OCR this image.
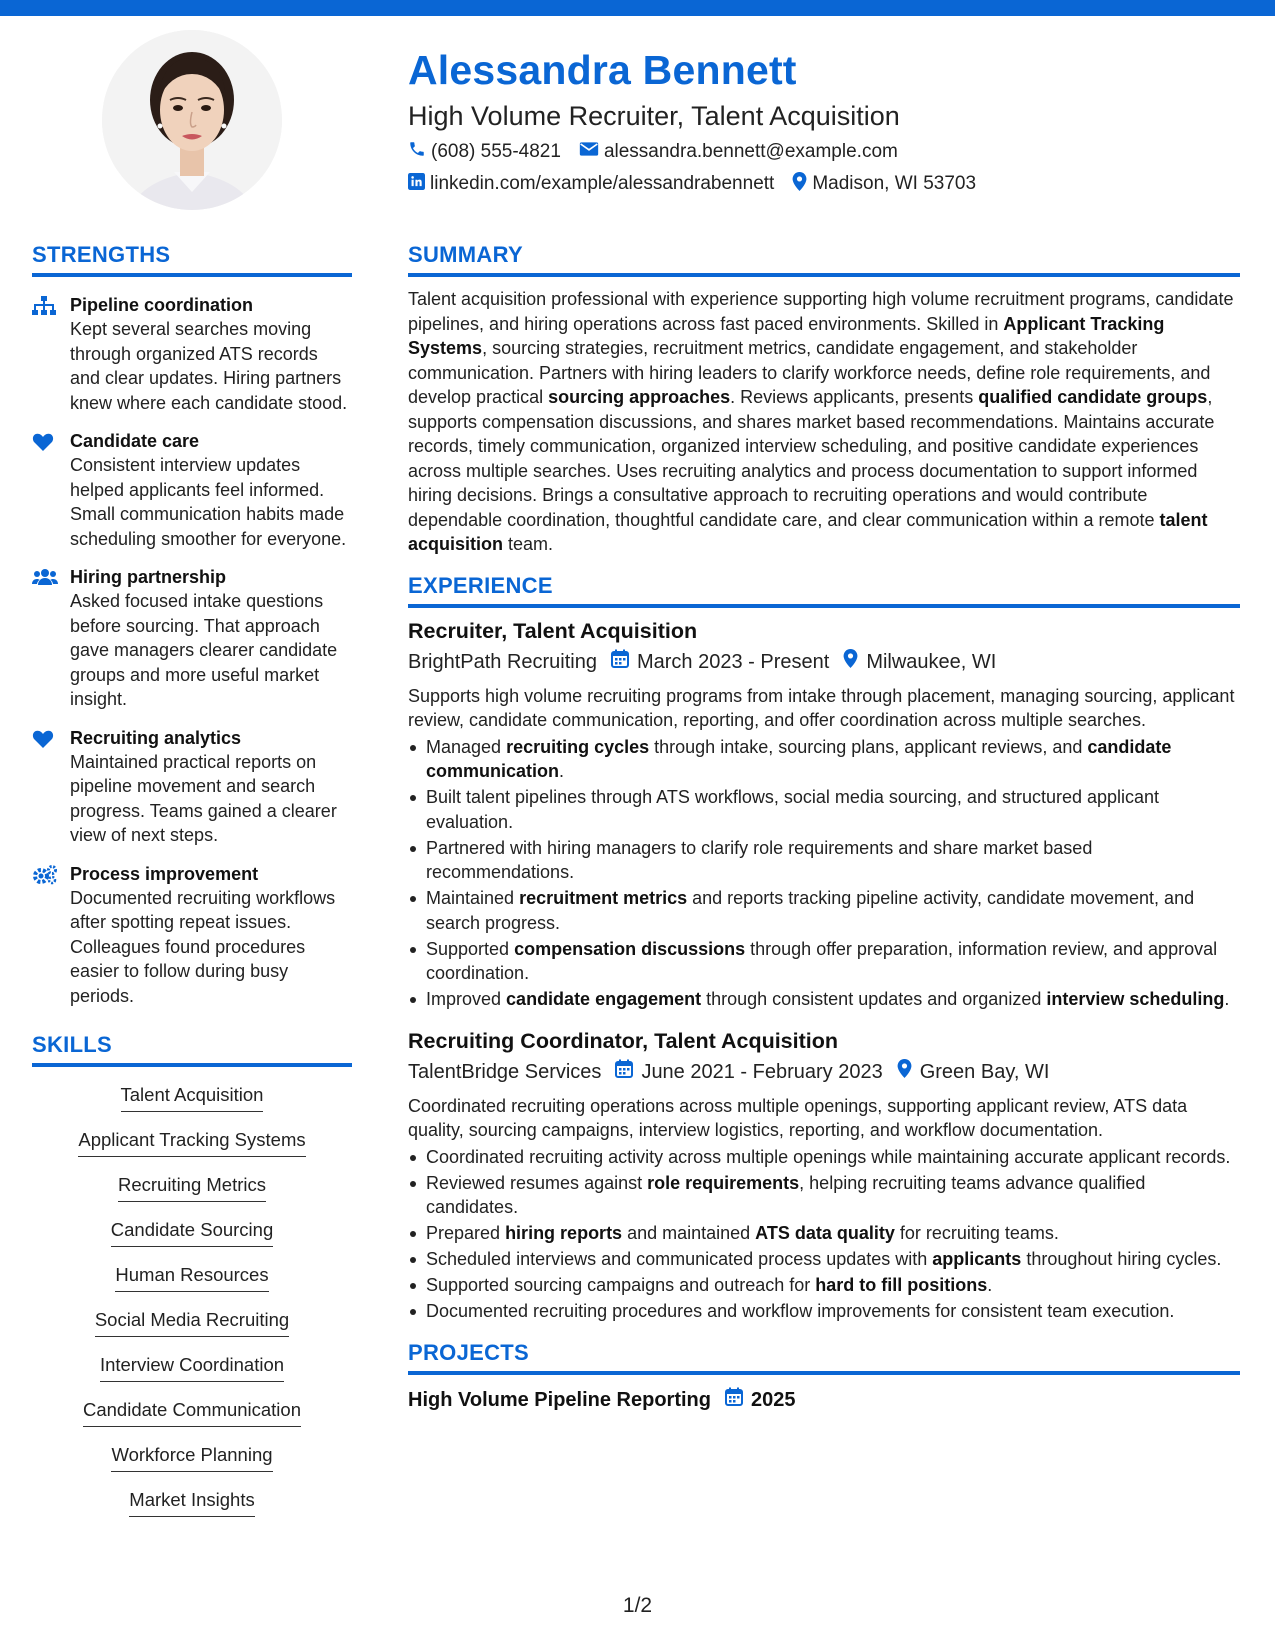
Alessandra Bennett
High Volume Recruiter, Talent Acquisition
(608) 555-4821 alessandra.bennett@example.com
linkedin.com/example/alessandrabennett Madison, WI 53703
STRENGTHS
Pipeline coordination
Kept several searches moving through organized ATS records and clear updates. Hiring partners knew where each candidate stood.
Candidate care
Consistent interview updates helped applicants feel informed. Small communication habits made scheduling smoother for everyone.
Hiring partnership
Asked focused intake questions before sourcing. That approach gave managers clearer candidate groups and more useful market insight.
Recruiting analytics
Maintained practical reports on pipeline movement and search progress. Teams gained a clearer view of next steps.
Process improvement
Documented recruiting workflows after spotting repeat issues. Colleagues found procedures easier to follow during busy periods.
SKILLS
Talent Acquisition
Applicant Tracking Systems
Recruiting Metrics
Candidate Sourcing
Human Resources
Social Media Recruiting
Interview Coordination
Candidate Communication
Workforce Planning
Market Insights
SUMMARY
Talent acquisition professional with experience supporting high volume recruitment programs, candidate pipelines, and hiring operations across fast paced environments. Skilled in Applicant Tracking Systems, sourcing strategies, recruitment metrics, candidate engagement, and stakeholder communication. Partners with hiring leaders to clarify workforce needs, define role requirements, and develop practical sourcing approaches. Reviews applicants, presents qualified candidate groups, supports compensation discussions, and shares market based recommendations. Maintains accurate records, timely communication, organized interview scheduling, and positive candidate experiences across multiple searches. Uses recruiting analytics and process documentation to support informed hiring decisions. Brings a consultative approach to recruiting operations and would contribute dependable coordination, thoughtful candidate care, and clear communication within a remote talent acquisition team.
EXPERIENCE
Recruiter, Talent Acquisition
BrightPath Recruiting March 2023 - Present Milwaukee, WI
Supports high volume recruiting programs from intake through placement, managing sourcing, applicant review, candidate communication, reporting, and offer coordination across multiple searches.
Managed recruiting cycles through intake, sourcing plans, applicant reviews, and candidate communication.
Built talent pipelines through ATS workflows, social media sourcing, and structured applicant evaluation.
Partnered with hiring managers to clarify role requirements and share market based recommendations.
Maintained recruitment metrics and reports tracking pipeline activity, candidate movement, and search progress.
Supported compensation discussions through offer preparation, information review, and approval coordination.
Improved candidate engagement through consistent updates and organized interview scheduling.
Recruiting Coordinator, Talent Acquisition
TalentBridge Services June 2021 - February 2023 Green Bay, WI
Coordinated recruiting operations across multiple openings, supporting applicant review, ATS data quality, sourcing campaigns, interview logistics, reporting, and workflow documentation.
Coordinated recruiting activity across multiple openings while maintaining accurate applicant records.
Reviewed resumes against role requirements, helping recruiting teams advance qualified candidates.
Prepared hiring reports and maintained ATS data quality for recruiting teams.
Scheduled interviews and communicated process updates with applicants throughout hiring cycles.
Supported sourcing campaigns and outreach for hard to fill positions.
Documented recruiting procedures and workflow improvements for consistent team execution.
PROJECTS
High Volume Pipeline Reporting 2025
1/2
